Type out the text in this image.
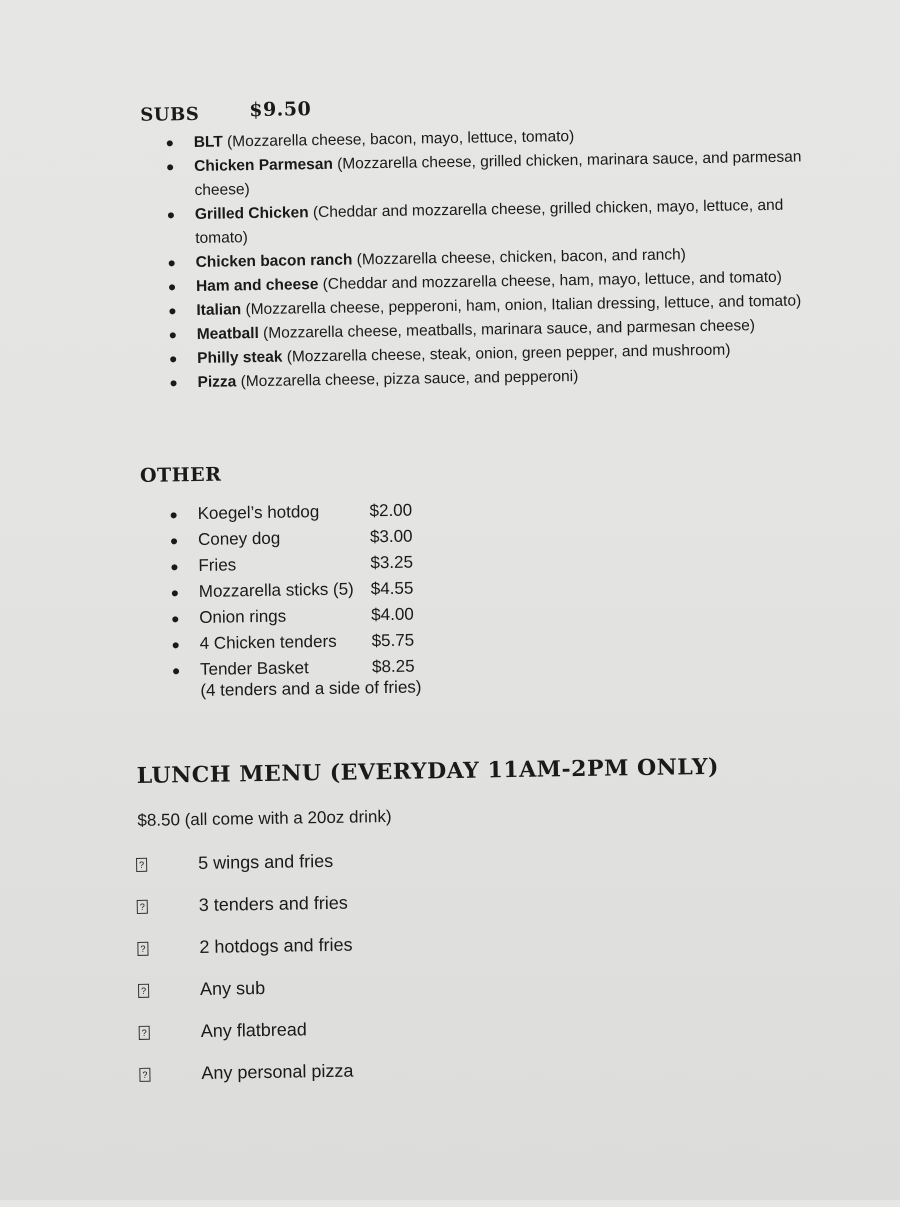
SUBS	$9.50
BLT (Mozzarella cheese, bacon, mayo, lettuce, tomato)
Chicken Parmesan (Mozzarella cheese, grilled chicken, marinara sauce, and parmesan cheese)
Grilled Chicken (Cheddar and mozzarella cheese, grilled chicken, mayo, lettuce, and tomato)
Chicken bacon ranch (Mozzarella cheese, chicken, bacon, and ranch)
Ham and cheese (Cheddar and mozzarella cheese, ham, mayo, lettuce, and tomato)
Italian (Mozzarella cheese, pepperoni, ham, onion, Italian dressing, lettuce, and tomato)
Meatball (Mozzarella cheese, meatballs, marinara sauce, and parmesan cheese)
Philly steak (Mozzarella cheese, steak, onion, green pepper, and mushroom)
Pizza (Mozzarella cheese, pizza sauce, and pepperoni)
OTHER
Koegel’s hotdog	$2.00
Coney dog	$3.00
Fries	$3.25
Mozzarella sticks (5) $4.55
Onion rings	$4.00
4 Chicken tenders $5.75
Tender Basket	$8.25
(4 tenders and a side of fries)
LUNCH MENU (EVERYDAY 11AM-2PM ONLY)
$8.50 (all come with a 20oz drink)
?	5 wings and fries
?	3 tenders and fries
?	2 hotdogs and fries
?	Any sub
?	Any flatbread
?	Any personal pizza
